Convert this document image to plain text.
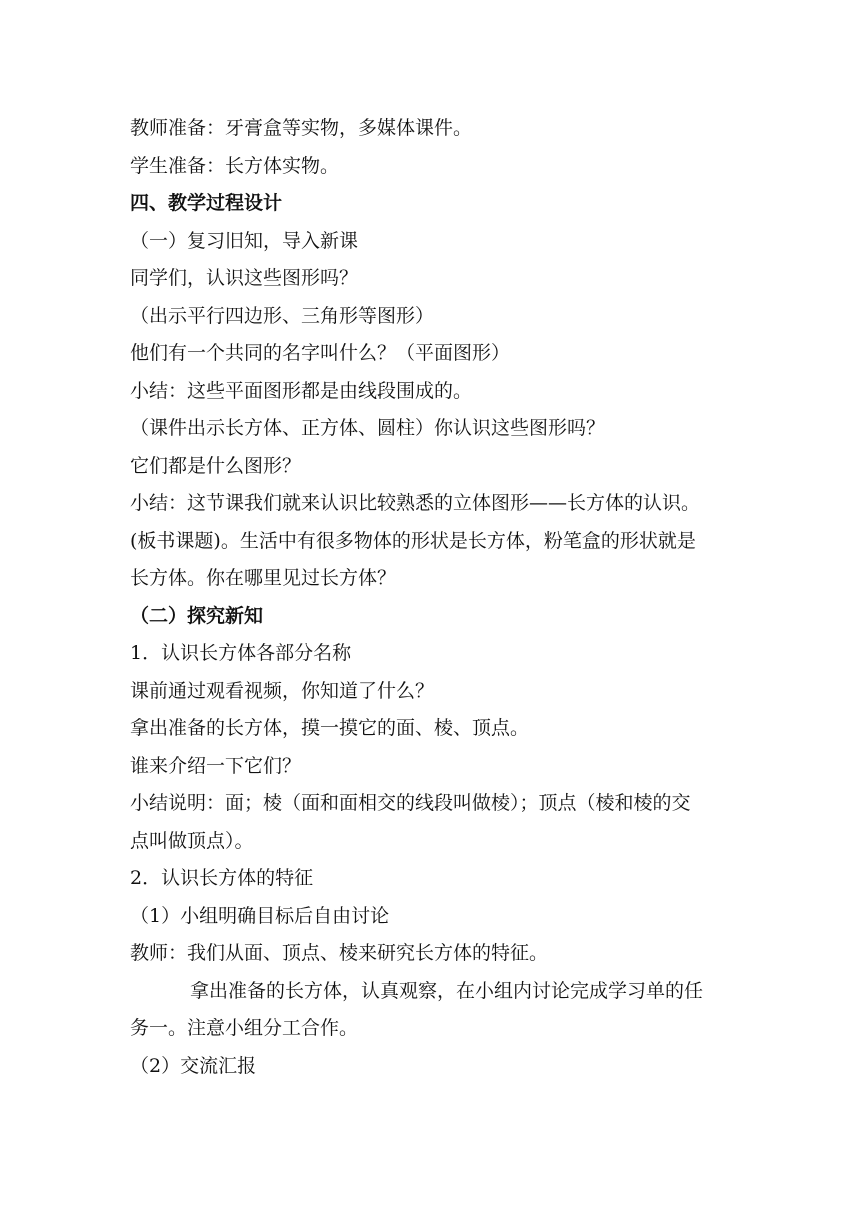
教师准备：牙膏盒等实物，多媒体课件。
学生准备：长方体实物。
四、教学过程设计
（一）复习旧知，导入新课
同学们，认识这些图形吗？
（出示平行四边形、三角形等图形）
他们有一个共同的名字叫什么？（平面图形）
小结：这些平面图形都是由线段围成的。
（课件出示长方体、正方体、圆柱）你认识这些图形吗？
它们都是什么图形？
小结：这节课我们就来认识比较熟悉的立体图形——长方体的认识。
(板书课题)。生活中有很多物体的形状是长方体，粉笔盒的形状就是
长方体。你在哪里见过长方体？
（二）探究新知
1．认识长方体各部分名称
课前通过观看视频，你知道了什么？
拿出准备的长方体，摸一摸它的面、棱、顶点。
谁来介绍一下它们？
小结说明：面；棱（面和面相交的线段叫做棱）；顶点（棱和棱的交
点叫做顶点）。
2．认识长方体的特征
（1）小组明确目标后自由讨论
教师：我们从面、顶点、棱来研究长方体的特征。
拿出准备的长方体，认真观察，在小组内讨论完成学习单的任
务一。注意小组分工合作。
（2）交流汇报
